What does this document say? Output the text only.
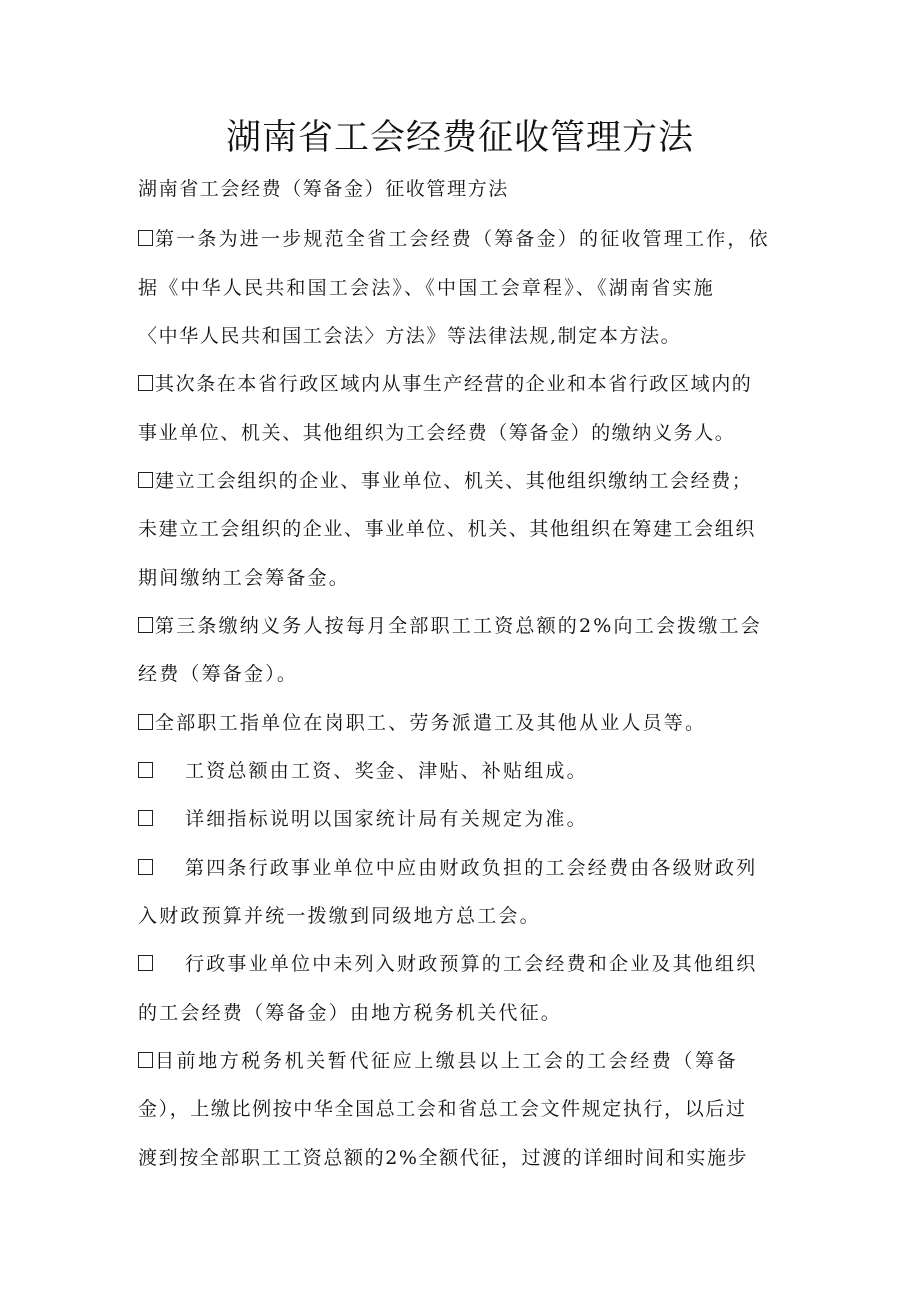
湖南省工会经费征收管理方法
湖南省工会经费（筹备金）征收管理方法
第一条为进一步规范全省工会经费（筹备金）的征收管理工作，依
据《中华人民共和国工会法》、《中国工会章程》、《湖南省实施
〈中华人民共和国工会法〉方法》等法律法规,制定本方法。
其次条在本省行政区域内从事生产经营的企业和本省行政区域内的
事业单位、机关、其他组织为工会经费（筹备金）的缴纳义务人。
建立工会组织的企业、事业单位、机关、其他组织缴纳工会经费；
未建立工会组织的企业、事业单位、机关、其他组织在筹建工会组织
期间缴纳工会筹备金。
第三条缴纳义务人按每月全部职工工资总额的2%向工会拨缴工会
经费（筹备金）。
全部职工指单位在岗职工、劳务派遣工及其他从业人员等。
工资总额由工资、奖金、津贴、补贴组成。
详细指标说明以国家统计局有关规定为准。
第四条行政事业单位中应由财政负担的工会经费由各级财政列
入财政预算并统一拨缴到同级地方总工会。
行政事业单位中未列入财政预算的工会经费和企业及其他组织
的工会经费（筹备金）由地方税务机关代征。
目前地方税务机关暂代征应上缴县以上工会的工会经费（筹备
金），上缴比例按中华全国总工会和省总工会文件规定执行，以后过
渡到按全部职工工资总额的2%全额代征，过渡的详细时间和实施步
